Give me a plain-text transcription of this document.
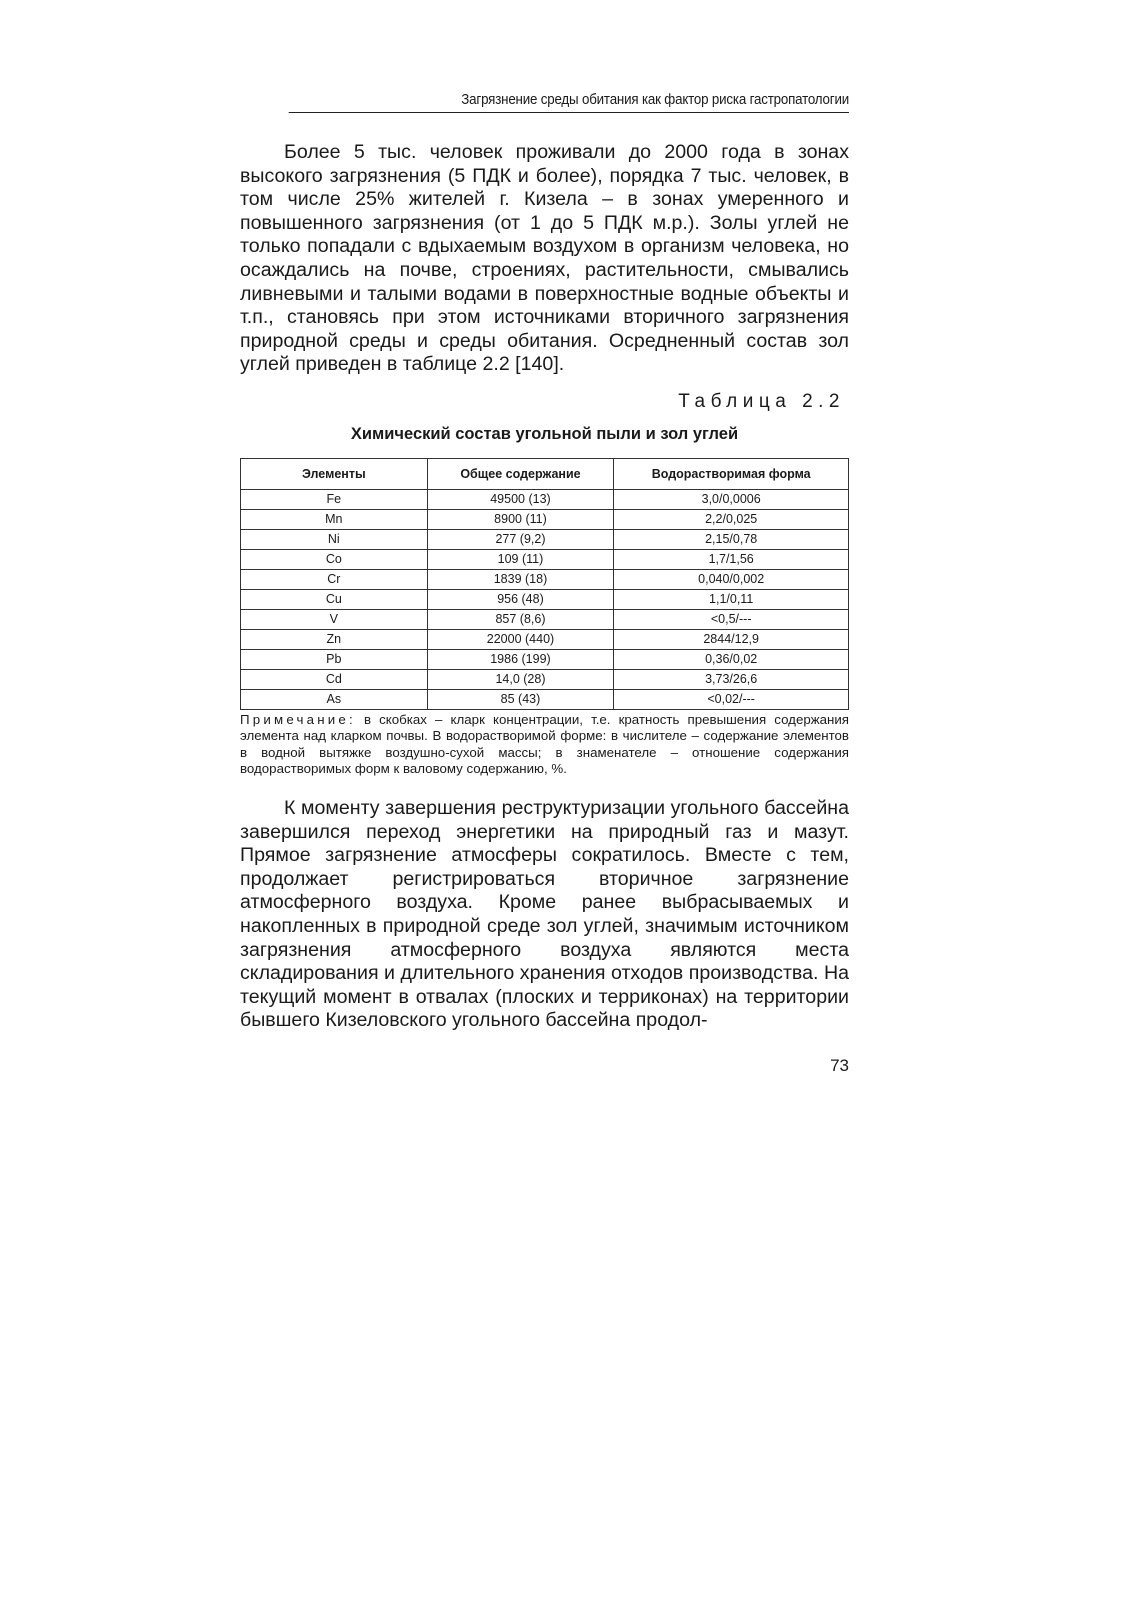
Загрязнение среды обитания как фактор риска гастропатологии

Более 5 тыс. человек проживали до 2000 года в зонах высокого загрязнения (5 ПДК и более), порядка 7 тыс. человек, в том числе 25% жителей г. Кизела – в зонах умеренного и повышенного загрязнения (от 1 до 5 ПДК м.р.). Золы углей не только попадали с вдыхаемым воздухом в организм человека, но осаждались на почве, строениях, растительности, смывались ливневыми и талыми водами в поверхностные водные объекты и т.п., становясь при этом источниками вторичного загрязнения природной среды и среды обитания. Осредненный состав зол углей приведен в таблице 2.2 [140].

Таблица 2.2
Химический состав угольной пыли и зол углей
Элементы	Общее содержание	Водорастворимая форма
Fe	49500 (13)	3,0/0,0006
Mn	8900 (11)	2,2/0,025
Ni	277 (9,2)	2,15/0,78
Co	109 (11)	1,7/1,56
Cr	1839 (18)	0,040/0,002
Cu	956 (48)	1,1/0,11
V	857 (8,6)	<0,5/---
Zn	22000 (440)	2844/12,9
Pb	1986 (199)	0,36/0,02
Cd	14,0 (28)	3,73/26,6
As	85 (43)	<0,02/---
Примечание: в скобках – кларк концентрации, т.е. кратность превышения содержания элемента над кларком почвы. В водорастворимой форме: в числителе – содержание элементов в водной вытяжке воздушно-сухой массы; в знаменателе – отношение содержания водорастворимых форм к валовому содержанию, %.

К моменту завершения реструктуризации угольного бассейна завершился переход энергетики на природный газ и мазут. Прямое загрязнение атмосферы сократилось. Вместе с тем, продолжает регистрироваться вторичное загрязнение атмосферного воздуха. Кроме ранее выбрасываемых и накопленных в природной среде зол углей, значимым источником загрязнения атмосферного воздуха являются места складирования и длительного хранения отходов производства. На текущий момент в отвалах (плоских и терриконах) на территории бывшего Кизеловского угольного бассейна продол-

73
